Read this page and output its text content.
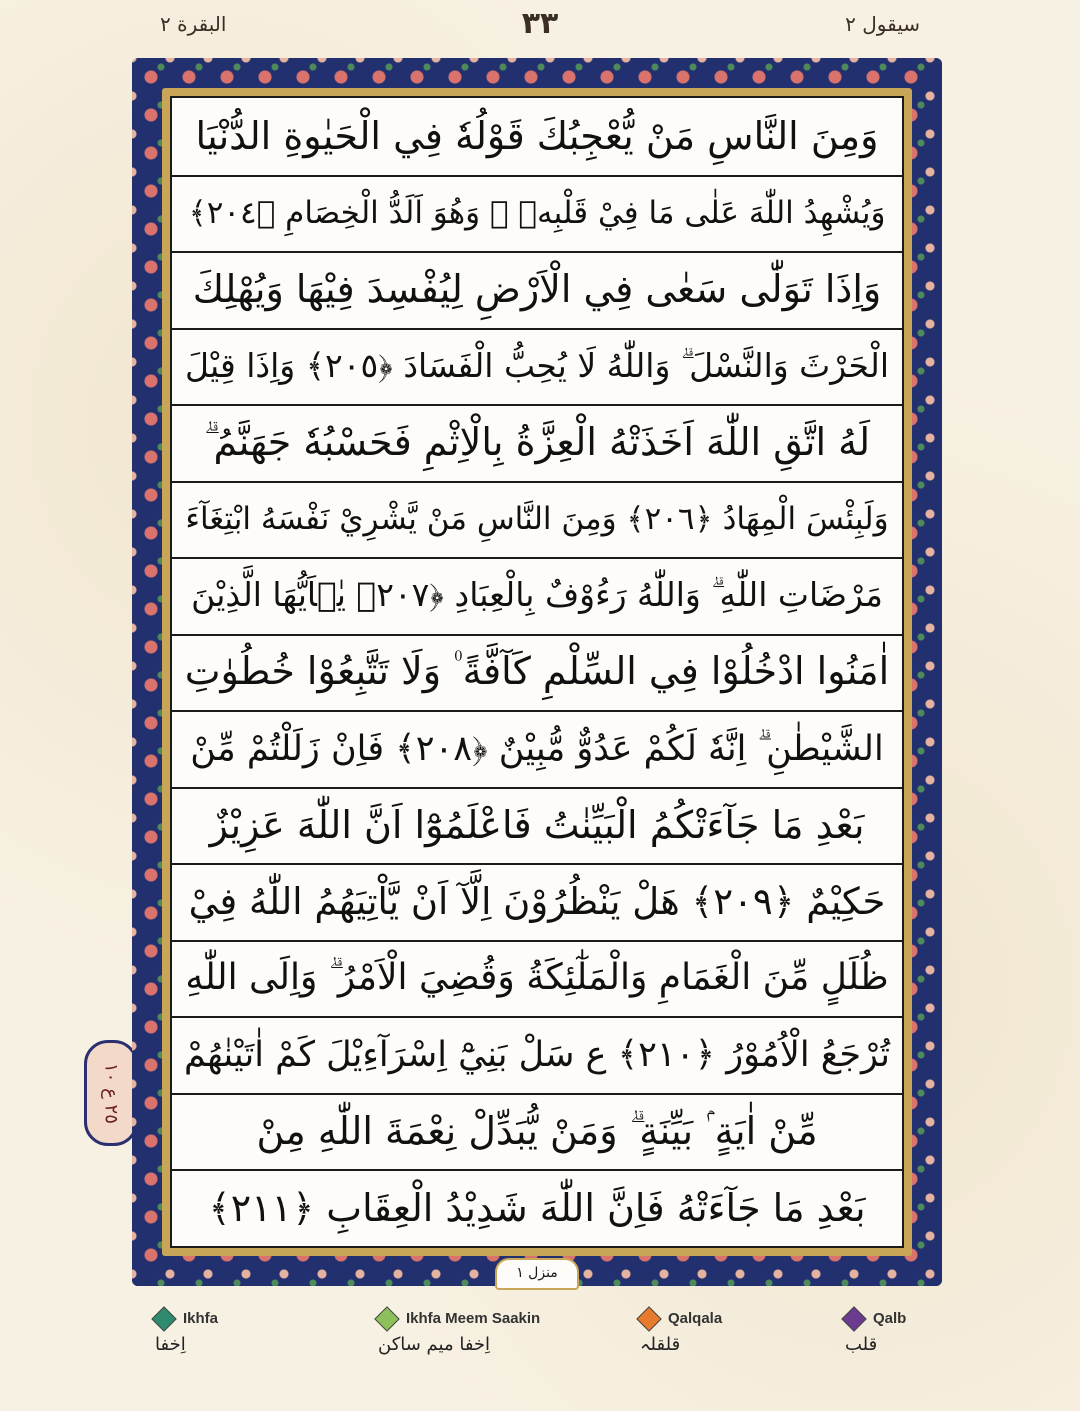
البقرة ٢	٣٣	سيقول ٢
٢٥ ع ١٠
وَمِنَ النَّاسِ مَنْ يُّعْجِبُكَ قَوْلُهٗ فِي الْحَيٰوةِ الدُّنْيَا
وَيُشْهِدُ اللّٰهَ عَلٰى مَا فِيْ قَلْبِهٖ ۙ وَهُوَ اَلَدُّ الْخِصَامِ ﴿٢٠٤﴾
وَاِذَا تَوَلّٰى سَعٰى فِي الْاَرْضِ لِيُفْسِدَ فِيْهَا وَيُهْلِكَ
الْحَرْثَ وَالنَّسْلَ ۗ وَاللّٰهُ لَا يُحِبُّ الْفَسَادَ ﴿٢٠٥﴾ وَاِذَا قِيْلَ
لَهُ اتَّقِ اللّٰهَ اَخَذَتْهُ الْعِزَّةُ بِالْاِثْمِ فَحَسْبُهٗ جَهَنَّمُ ۗ
وَلَبِئْسَ الْمِهَادُ ﴿٢٠٦﴾ وَمِنَ النَّاسِ مَنْ يَّشْرِيْ نَفْسَهُ ابْتِغَآءَ
مَرْضَاتِ اللّٰهِ ۗ وَاللّٰهُ رَءُوْفٌ بِالْعِبَادِ ﴿٢٠٧﴾ يٰۤاَيُّهَا الَّذِيْنَ
اٰمَنُوا ادْخُلُوْا فِي السِّلْمِ كَآفَّةً ۠ وَلَا تَتَّبِعُوْا خُطُوٰتِ
الشَّيْطٰنِ ۗ اِنَّهٗ لَكُمْ عَدُوٌّ مُّبِيْنٌ ﴿٢٠٨﴾ فَاِنْ زَلَلْتُمْ مِّنْ
بَعْدِ مَا جَآءَتْكُمُ الْبَيِّنٰتُ فَاعْلَمُوْٓا اَنَّ اللّٰهَ عَزِيْزٌ
حَكِيْمٌ ﴿٢٠٩﴾ هَلْ يَنْظُرُوْنَ اِلَّآ اَنْ يَّاْتِيَهُمُ اللّٰهُ فِيْ
ظُلَلٍ مِّنَ الْغَمَامِ وَالْمَلٰٓئِكَةُ وَقُضِيَ الْاَمْرُ ۗ وَاِلَى اللّٰهِ
تُرْجَعُ الْاُمُوْرُ ﴿٢١٠﴾ ع سَلْ بَنِيْٓ اِسْرَآءِيْلَ كَمْ اٰتَيْنٰهُمْ
مِّنْ اٰيَةٍ ۢ بَيِّنَةٍ ۗ وَمَنْ يُّبَدِّلْ نِعْمَةَ اللّٰهِ مِنْ
بَعْدِ مَا جَآءَتْهُ فَاِنَّ اللّٰهَ شَدِيْدُ الْعِقَابِ ﴿٢١١﴾
منزل ١
Ikhfa
اِخفا
Ikhfa Meem Saakin
اِخفا میم ساکن
Qalqala
قلقلہ
Qalb
قلب
